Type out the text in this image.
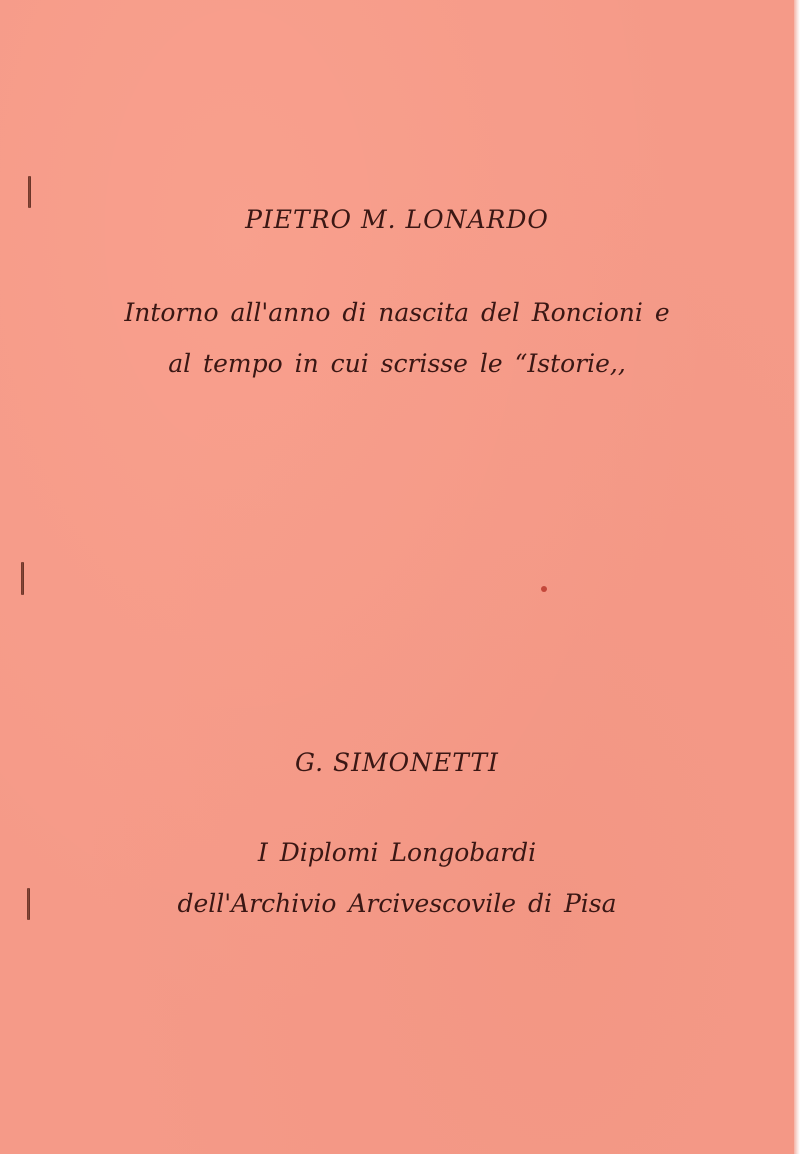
PIETRO M. LONARDO
Intorno all'anno di nascita del Roncioni e
al tempo in cui scrisse le “Istorie,,
G. SIMONETTI
I Diplomi Longobardi
dell'Archivio Arcivescovile di Pisa
